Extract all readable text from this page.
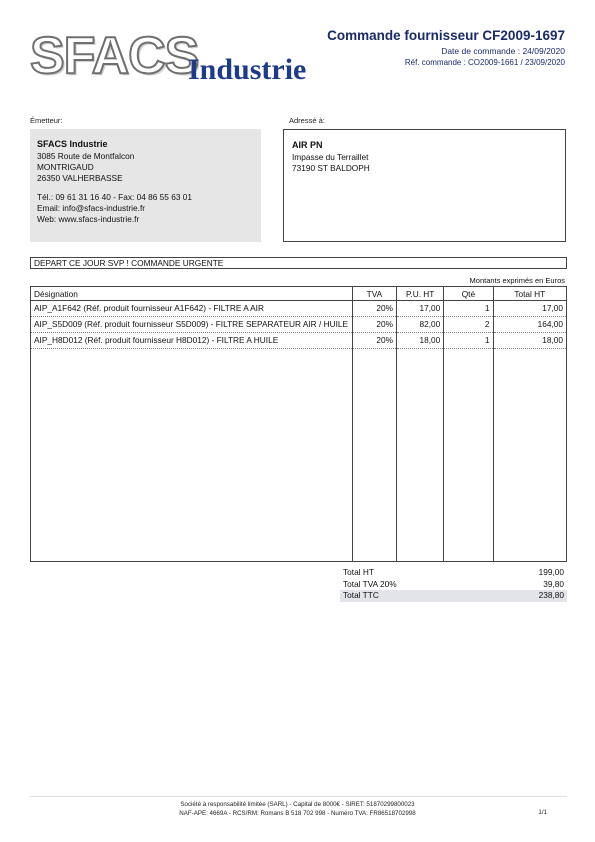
SFACS
Industrie
Commande fournisseur CF2009-1697
Date de commande : 24/09/2020
Réf. commande : CO2009-1661 / 23/09/2020
Émetteur:
SFACS Industrie
3085 Route de Montfalcon
MONTRIGAUD
26350 VALHERBASSE
Tél.: 09 61 31 16 40 - Fax: 04 86 55 63 01
Email: info@sfacs-industrie.fr
Web: www.sfacs-industrie.fr
Adressé à:
AIR PN
Impasse du Terraillet
73190 ST BALDOPH
DEPART CE JOUR SVP ! COMMANDE URGENTE
Montants exprimés en Euros
Désignation	TVA	P.U. HT	Qté	Total HT
AIP_A1F642 (Réf. produit fournisseur A1F642) - FILTRE A AIR	20%	17,00	1	17,00
AIP_S5D009 (Réf. produit fournisseur S5D009) - FILTRE SEPARATEUR AIR / HUILE	20%	82,00	2	164,00
AIP_H8D012 (Réf. produit fournisseur H8D012) - FILTRE A HUILE	20%	18,00	1	18,00

Total HT	199,00
Total TVA 20%	39,80
Total TTC	238,80
Société à responsabilité limitée (SARL) - Capital de 8000€ - SIRET: 51870299800023
NAF-APE: 4669A - RCS/RM: Romans B 518 702 998 - Numéro TVA: FR86518702998	1/1
